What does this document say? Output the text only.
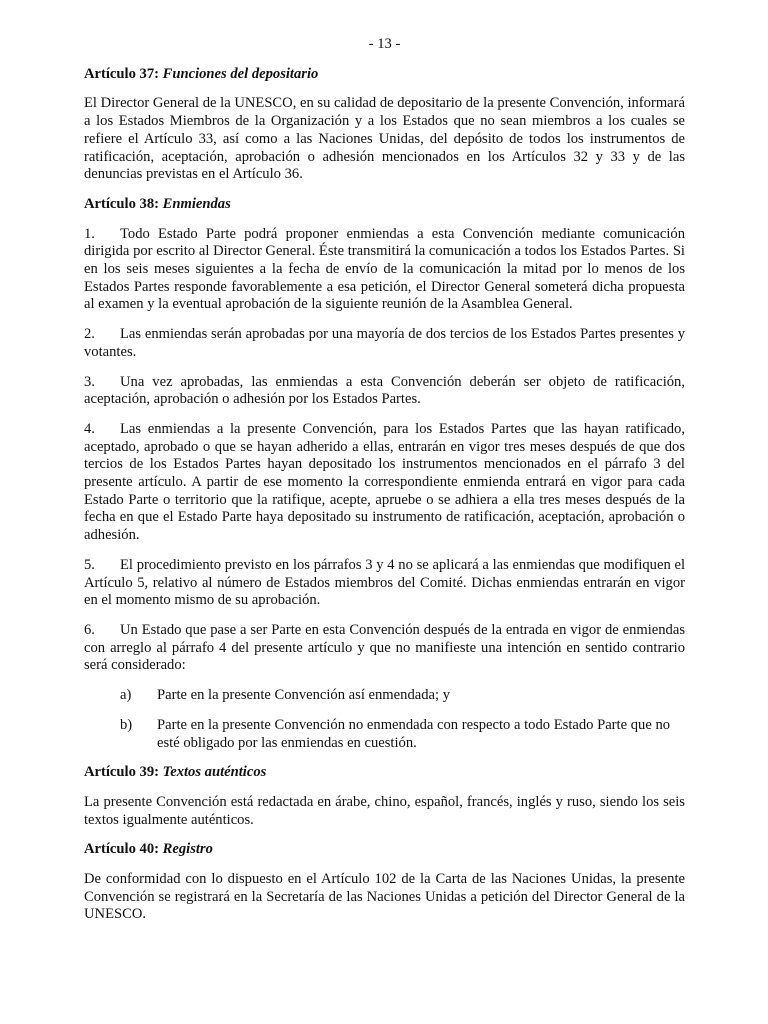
- 13 -
Artículo 37: Funciones del depositario

El Director General de la UNESCO, en su calidad de depositario de la presente Convención, informará a los Estados Miembros de la Organización y a los Estados que no sean miembros a los cuales se refiere el Artículo 33, así como a las Naciones Unidas, del depósito de todos los instrumentos de ratificación, aceptación, aprobación o adhesión mencionados en los Artículos 32 y 33 y de las denuncias previstas en el Artículo 36.

Artículo 38: Enmiendas

1. Todo Estado Parte podrá proponer enmiendas a esta Convención mediante comunicación dirigida por escrito al Director General. Éste transmitirá la comunicación a todos los Estados Partes. Si en los seis meses siguientes a la fecha de envío de la comunicación la mitad por lo menos de los Estados Partes responde favorablemente a esa petición, el Director General someterá dicha propuesta al examen y la eventual aprobación de la siguiente reunión de la Asamblea General.

2. Las enmiendas serán aprobadas por una mayoría de dos tercios de los Estados Partes presentes y votantes.

3. Una vez aprobadas, las enmiendas a esta Convención deberán ser objeto de ratificación, aceptación, aprobación o adhesión por los Estados Partes.

4. Las enmiendas a la presente Convención, para los Estados Partes que las hayan ratificado, aceptado, aprobado o que se hayan adherido a ellas, entrarán en vigor tres meses después de que dos tercios de los Estados Partes hayan depositado los instrumentos mencionados en el párrafo 3 del presente artículo. A partir de ese momento la correspondiente enmienda entrará en vigor para cada Estado Parte o territorio que la ratifique, acepte, apruebe o se adhiera a ella tres meses después de la fecha en que el Estado Parte haya depositado su instrumento de ratificación, aceptación, aprobación o adhesión.

5. El procedimiento previsto en los párrafos 3 y 4 no se aplicará a las enmiendas que modifiquen el Artículo 5, relativo al número de Estados miembros del Comité. Dichas enmiendas entrarán en vigor en el momento mismo de su aprobación.

6. Un Estado que pase a ser Parte en esta Convención después de la entrada en vigor de enmiendas con arreglo al párrafo 4 del presente artículo y que no manifieste una intención en sentido contrario será considerado:

a)	Parte en la presente Convención así enmendada; y
b)	Parte en la presente Convención no enmendada con respecto a todo Estado Parte que no esté obligado por las enmiendas en cuestión.
Artículo 39: Textos auténticos

La presente Convención está redactada en árabe, chino, español, francés, inglés y ruso, siendo los seis textos igualmente auténticos.

Artículo 40: Registro

De conformidad con lo dispuesto en el Artículo 102 de la Carta de las Naciones Unidas, la presente Convención se registrará en la Secretaría de las Naciones Unidas a petición del Director General de la UNESCO.
